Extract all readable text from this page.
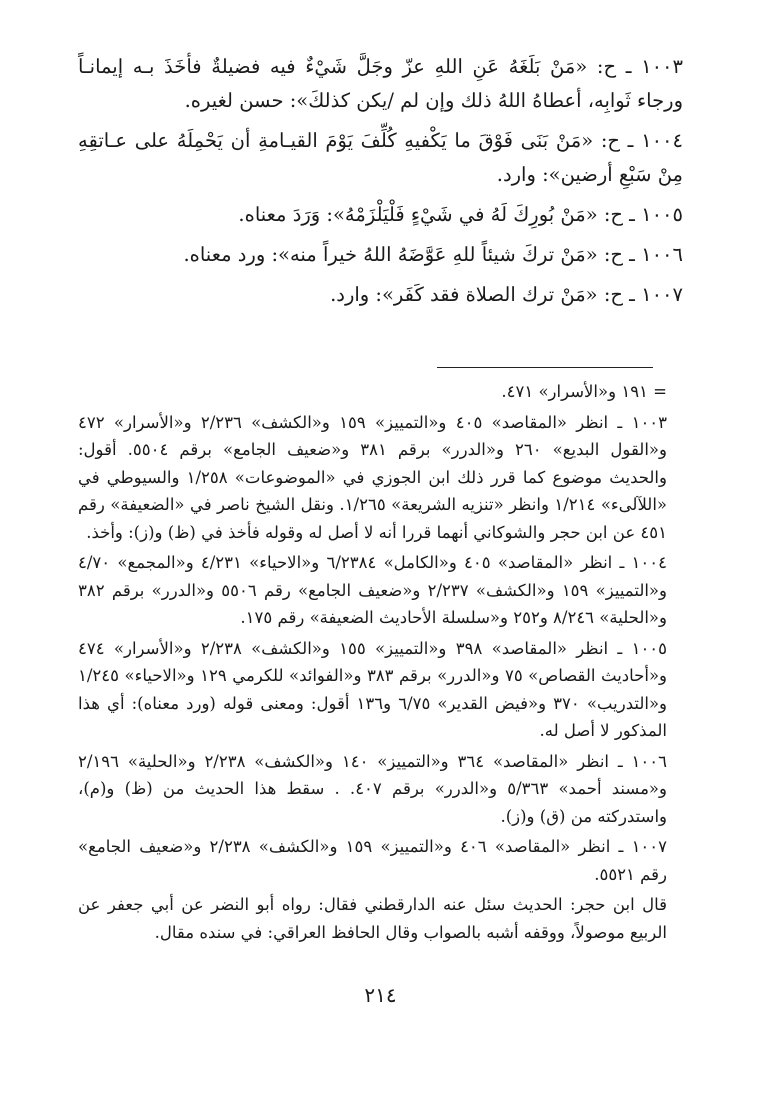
١٠٠٣ ـ ح: «مَنْ بَلَغَهُ عَنِ اللهِ عزّ وجَلَّ شَيْءٌ فيه فضيلةٌ فأخَذَ بـه إيمانـاً ورجاء ثَوابِه، أعطاهُ اللهُ ذلك وإن لم /يكن كذلكَ»: حسن لغيره.

١٠٠٤ ـ ح: «مَنْ بَنَى فَوْقَ ما يَكْفيهِ كُلِّفَ يَوْمَ القيـامةِ أن يَحْمِلَهُ على عـاتقِهِ مِنْ سَبْعِ أرضين»: وارد.

١٠٠٥ ـ ح: «مَنْ بُورِكَ لَهُ في شَيْءٍ فَلْيَلْزَمْهُ»: وَرَدَ معناه.

١٠٠٦ ـ ح: «مَنْ تركَ شيئاً للهِ عَوَّضَهُ اللهُ خيراً منه»: ورد معناه.

١٠٠٧ ـ ح: «مَنْ ترك الصلاة فقد كَفَر»: وارد.

= ١٩١ و«الأسرار» ٤٧١.

١٠٠٣ ـ انظر «المقاصد» ٤٠٥ و«التمييز» ١٥٩ و«الكشف» ٢/٢٣٦ و«الأسرار» ٤٧٢ و«القول البديع» ٢٦٠ و«الدرر» برقم ٣٨١ و«ضعيف الجامع» برقم ٥٥٠٤. أقول: والحديث موضوع كما قرر ذلك ابن الجوزي في «الموضوعات» ١/٢٥٨ والسيوطي في «اللآلىء» ١/٢١٤ وانظر «تنزيه الشريعة» ١/٢٦٥. ونقل الشيخ ناصر في «الضعيفة» رقم ٤٥١ عن ابن حجر والشوكاني أنهما قررا أنه لا أصل له وقوله فأخذ في (ظ) و(ز): وأخذ.

١٠٠٤ ـ انظر «المقاصد» ٤٠٥ و«الكامل» ٦/٢٣٨٤ و«الاحياء» ٤/٢٣١ و«المجمع» ٤/٧٠ و«التمييز» ١٥٩ و«الكشف» ٢/٢٣٧ و«ضعيف الجامع» رقم ٥٥٠٦ و«الدرر» برقم ٣٨٢ و«الحلية» ٨/٢٤٦ و٢٥٢ و«سلسلة الأحاديث الضعيفة» رقم ١٧٥.

١٠٠٥ ـ انظر «المقاصد» ٣٩٨ و«التمييز» ١٥٥ و«الكشف» ٢/٢٣٨ و«الأسرار» ٤٧٤ و«أحاديث القصاص» ٧٥ و«الدرر» برقم ٣٨٣ و«الفوائد» للكرمي ١٢٩ و«الاحياء» ١/٢٤٥ و«التدريب» ٣٧٠ و«فيض القدير» ٦/٧٥ و١٣٦ أقول: ومعنى قوله (ورد معناه): أي هذا المذكور لا أصل له.

١٠٠٦ ـ انظر «المقاصد» ٣٦٤ و«التمييز» ١٤٠ و«الكشف» ٢/٢٣٨ و«الحلية» ٢/١٩٦ و«مسند أحمد» ٥/٣٦٣ و«الدرر» برقم ٤٠٧. . سقط هذا الحديث من (ظ) و(م)، واستدركته من (ق) و(ز).

١٠٠٧ ـ انظر «المقاصد» ٤٠٦ و«التمييز» ١٥٩ و«الكشف» ٢/٢٣٨ و«ضعيف الجامع» رقم ٥٥٢١.

قال ابن حجر: الحديث سئل عنه الدارقطني فقال: رواه أبو النضر عن أبي جعفر عن الربيع موصولاً، ووقفه أشبه بالصواب وقال الحافظ العراقي: في سنده مقال.

٢١٤
